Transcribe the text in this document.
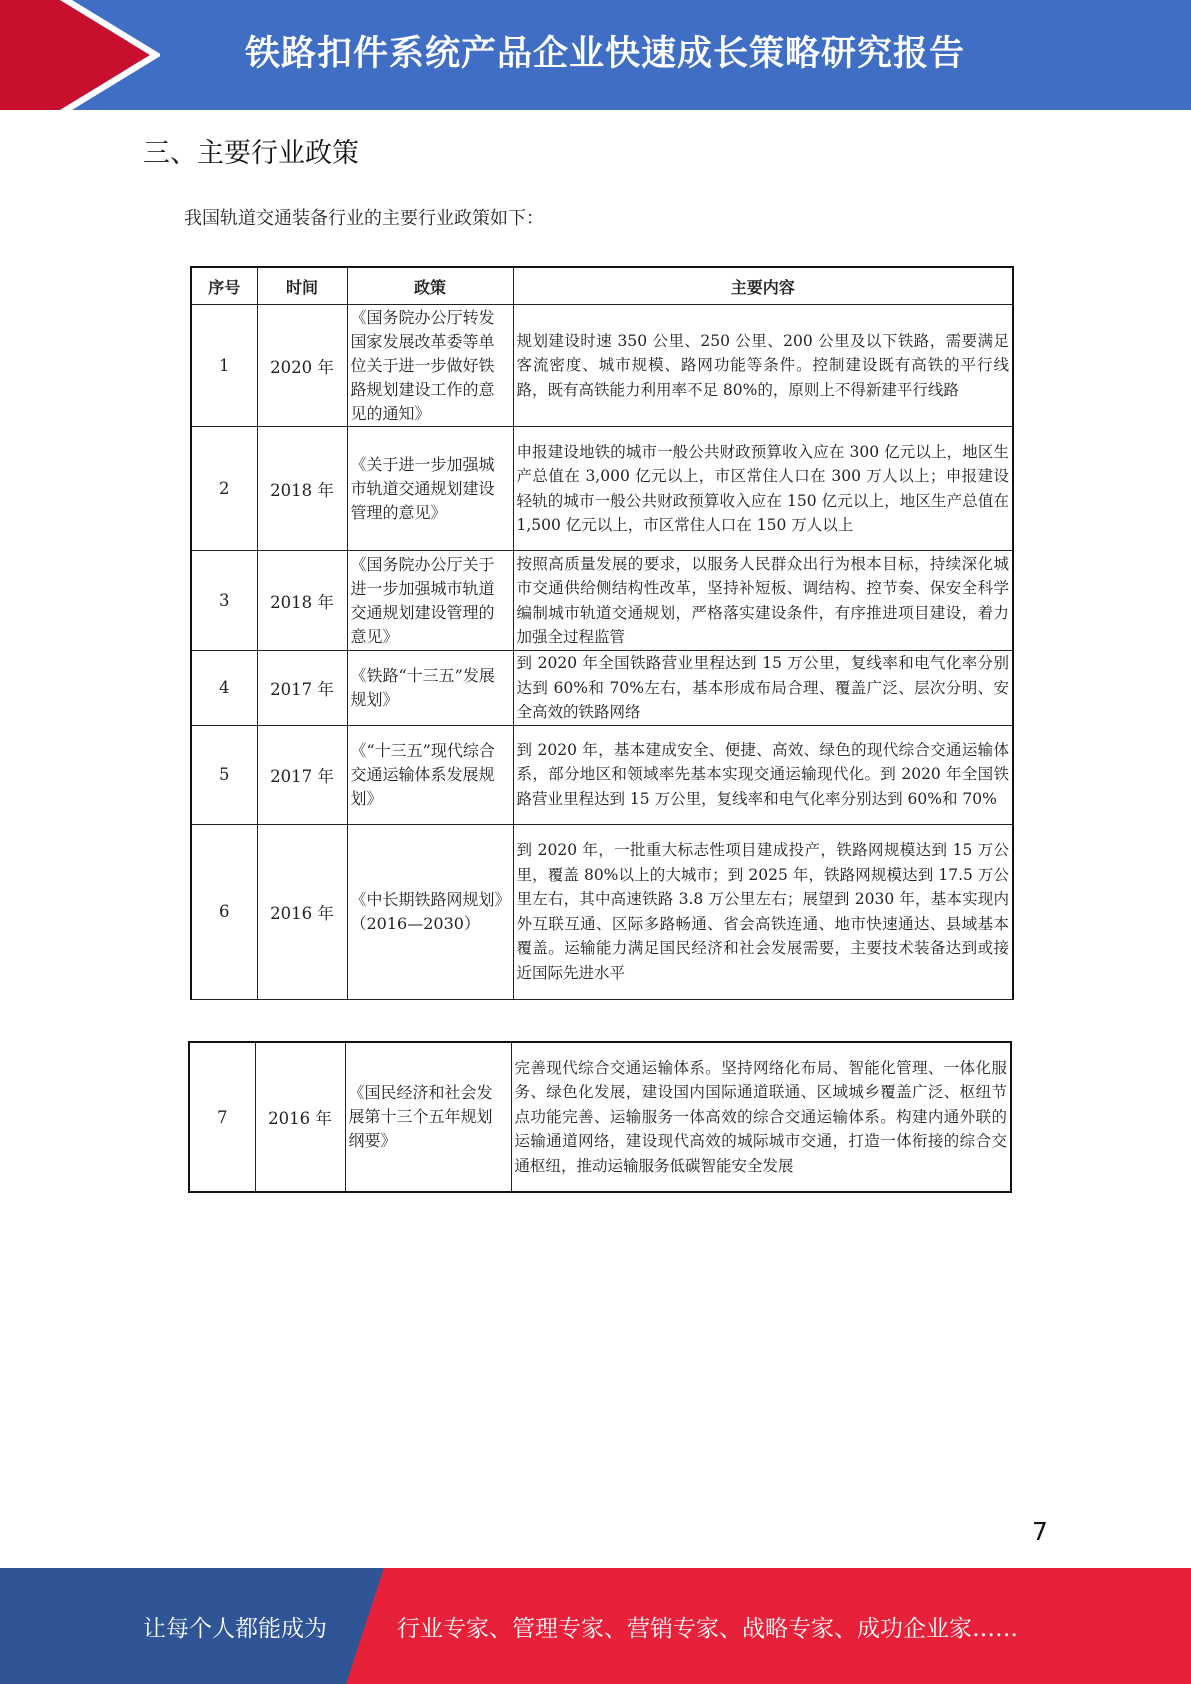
铁路扣件系统产品企业快速成长策略研究报告
三、主要行业政策
我国轨道交通装备行业的主要行业政策如下：
序号	时间	政策	主要内容
1	2020 年	《国务院办公厅转发国家发展改革委等单位关于进一步做好铁路规划建设工作的意见的通知》	规划建设时速 350 公里、250 公里、200 公里及以下铁路，需要满足客流密度、城市规模、路网功能等条件。控制建设既有高铁的平行线路，既有高铁能力利用率不足 80%的，原则上不得新建平行线路
2	2018 年	《关于进一步加强城市轨道交通规划建设管理的意见》	申报建设地铁的城市一般公共财政预算收入应在 300 亿元以上，地区生产总值在 3,000 亿元以上，市区常住人口在 300 万人以上；申报建设轻轨的城市一般公共财政预算收入应在 150 亿元以上，地区生产总值在 1,500 亿元以上，市区常住人口在 150 万人以上
3	2018 年	《国务院办公厅关于进一步加强城市轨道交通规划建设管理的意见》	按照高质量发展的要求，以服务人民群众出行为根本目标，持续深化城市交通供给侧结构性改革，坚持补短板、调结构、控节奏、保安全科学编制城市轨道交通规划，严格落实建设条件，有序推进项目建设，着力加强全过程监管
4	2017 年	《铁路“十三五”发展规划》	到 2020 年全国铁路营业里程达到 15 万公里，复线率和电气化率分别达到 60%和 70%左右，基本形成布局合理、覆盖广泛、层次分明、安全高效的铁路网络
5	2017 年	《“十三五”现代综合交通运输体系发展规划》	到 2020 年，基本建成安全、便捷、高效、绿色的现代综合交通运输体系，部分地区和领域率先基本实现交通运输现代化。到 2020 年全国铁路营业里程达到 15 万公里，复线率和电气化率分别达到 60%和 70%
6	2016 年	《中长期铁路网规划》（2016—2030）	到 2020 年，一批重大标志性项目建成投产，铁路网规模达到 15 万公里，覆盖 80%以上的大城市；到 2025 年，铁路网规模达到 17.5 万公里左右，其中高速铁路 3.8 万公里左右；展望到 2030 年，基本实现内外互联互通、区际多路畅通、省会高铁连通、地市快速通达、县域基本覆盖。运输能力满足国民经济和社会发展需要，主要技术装备达到或接近国际先进水平
7	2016 年	《国民经济和社会发展第十三个五年规划纲要》	完善现代综合交通运输体系。坚持网络化布局、智能化管理、一体化服务、绿色化发展，建设国内国际通道联通、区域城乡覆盖广泛、枢纽节点功能完善、运输服务一体高效的综合交通运输体系。构建内通外联的运输通道网络，建设现代高效的城际城市交通，打造一体衔接的综合交通枢纽，推动运输服务低碳智能安全发展
7
让每个人都能成为	行业专家、管理专家、营销专家、战略专家、成功企业家……
